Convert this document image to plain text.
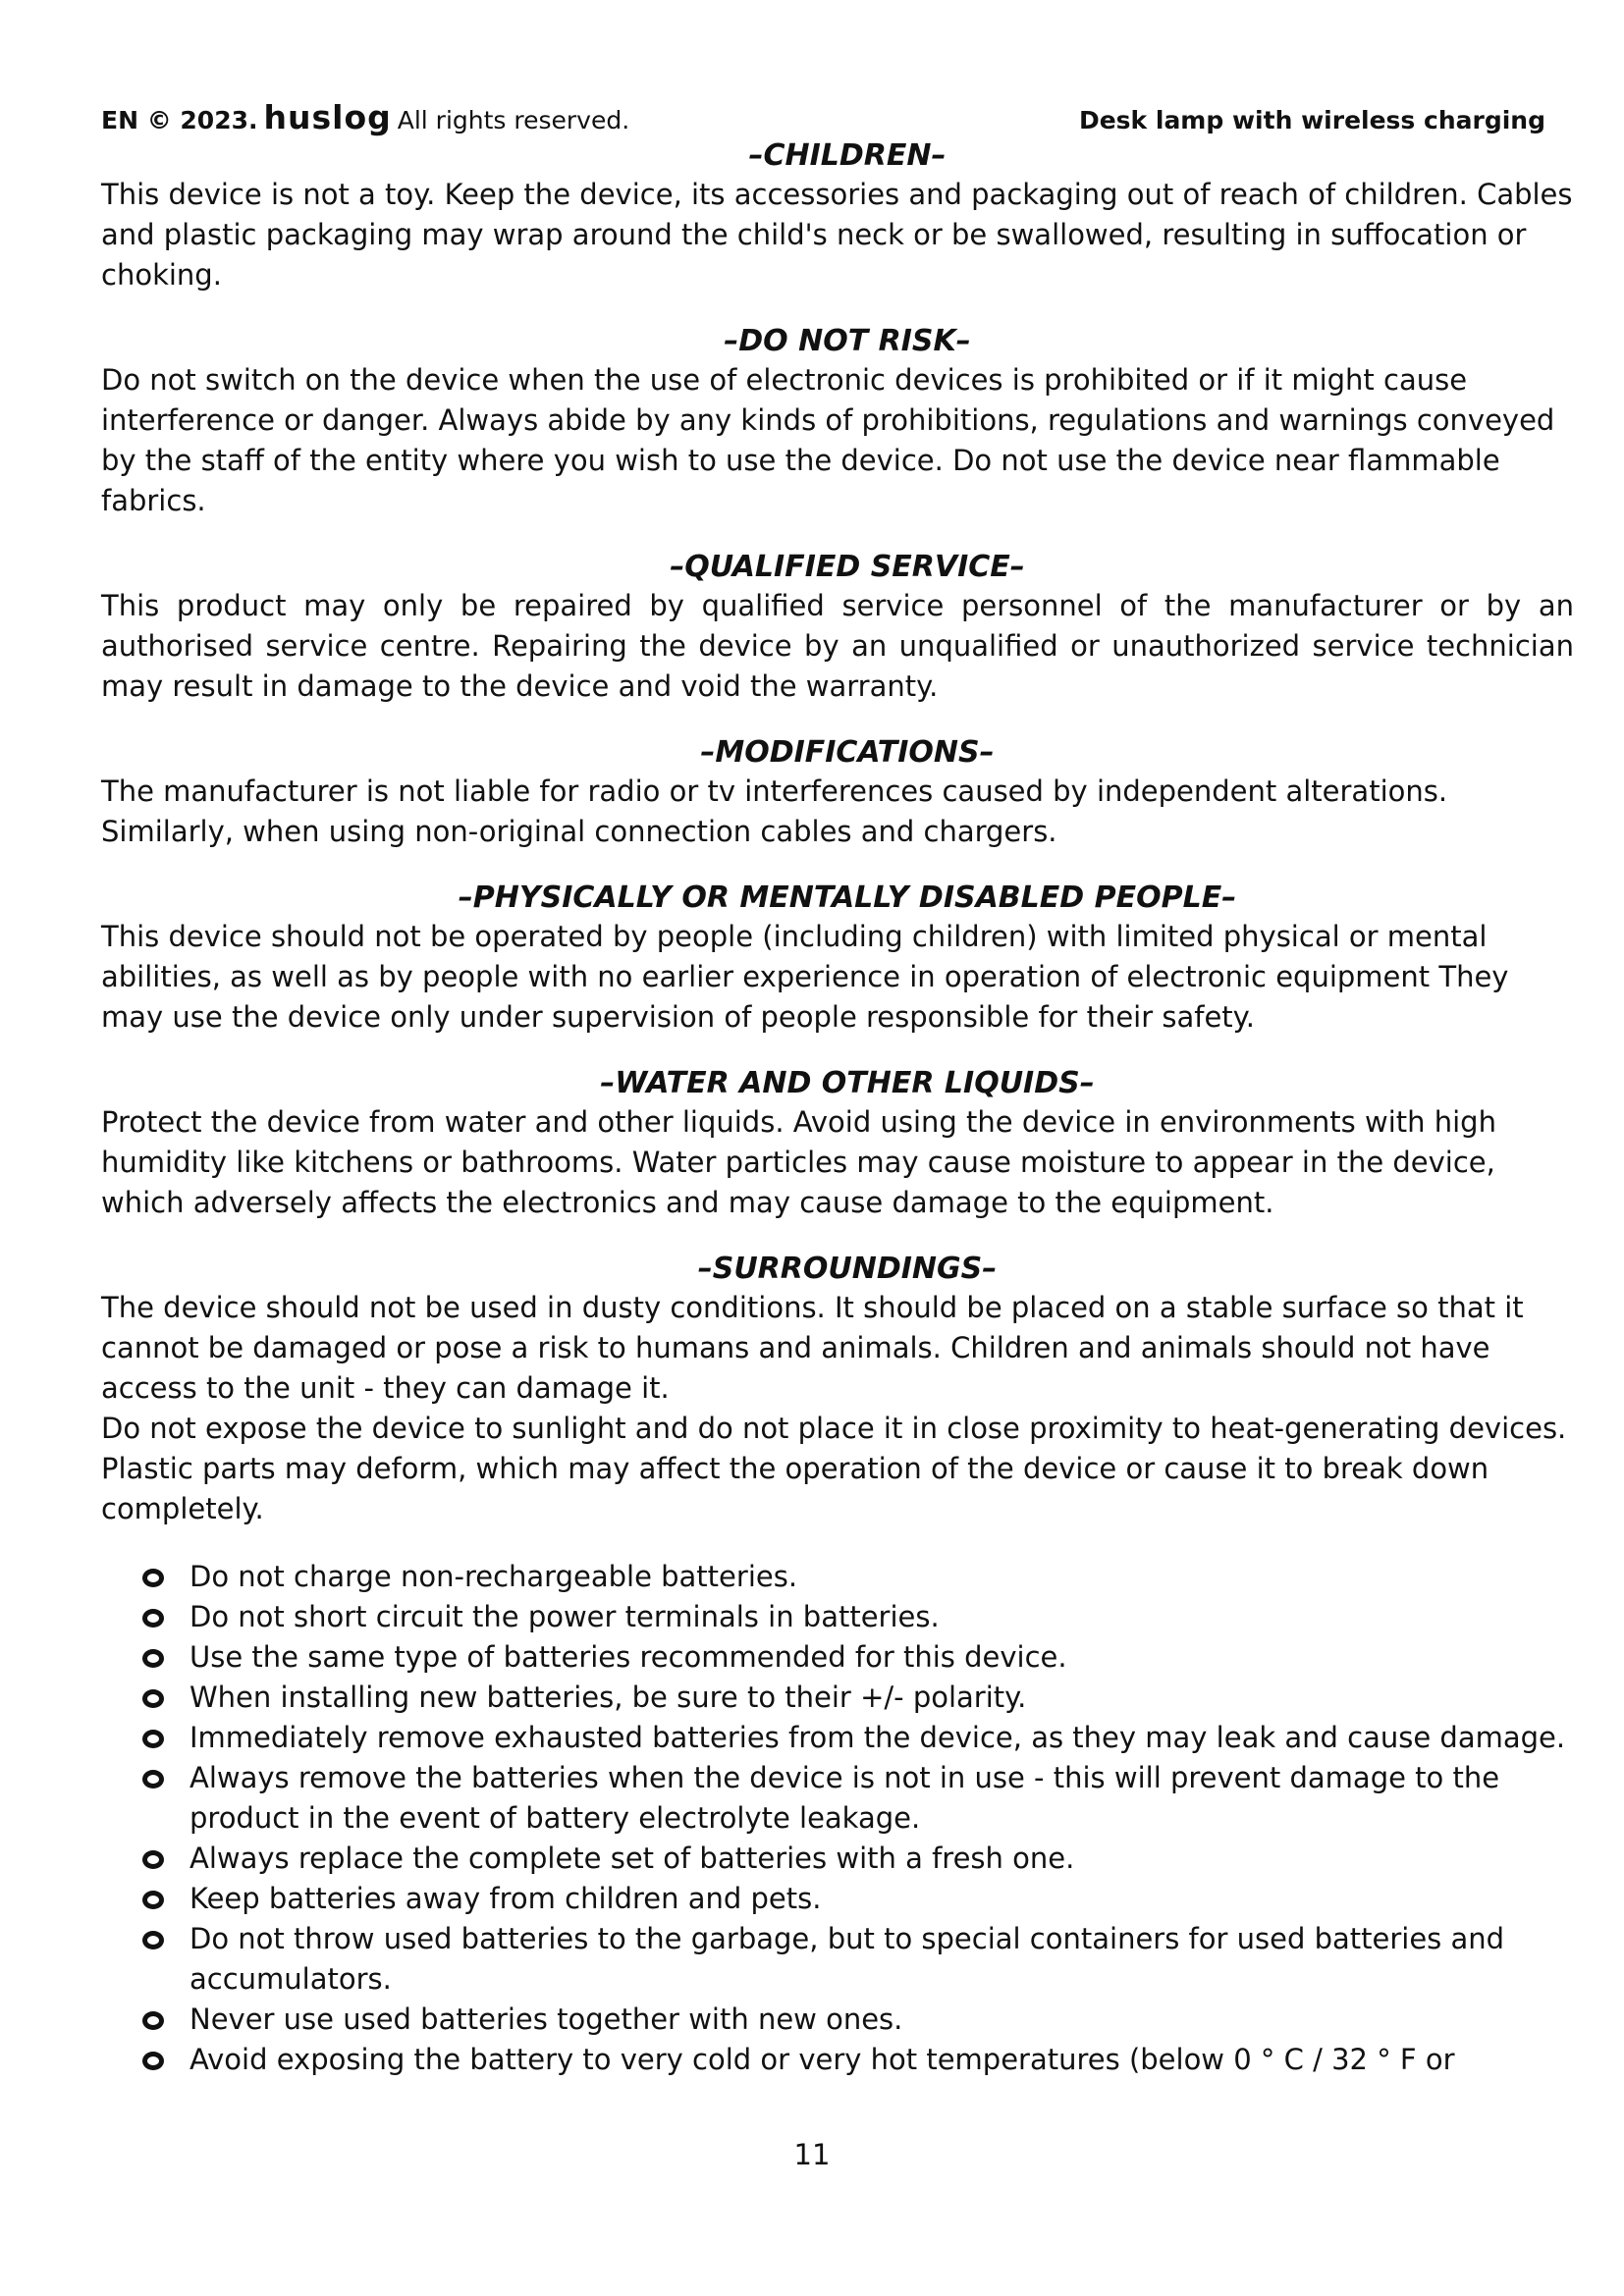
EN © 2023. huslog All rights reserved.	Desk lamp with wireless charging
–CHILDREN–

This device is not a toy. Keep the device, its accessories and packaging out of reach of children. Cables and plastic packaging may wrap around the child's neck or be swallowed, resulting in suffocation or choking.

–DO NOT RISK–

Do not switch on the device when the use of electronic devices is prohibited or if it might cause interference or danger. Always abide by any kinds of prohibitions, regulations and warnings conveyed by the staff of the entity where you wish to use the device. Do not use the device near flammable fabrics.

–QUALIFIED SERVICE–

This product may only be repaired by qualified service personnel of the manufacturer or by an authorised service centre. Repairing the device by an unqualified or unauthorized service technician may result in damage to the device and void the warranty.

–MODIFICATIONS–

The manufacturer is not liable for radio or tv interferences caused by independent alterations. Similarly, when using non-original connection cables and chargers.

–PHYSICALLY OR MENTALLY DISABLED PEOPLE–

This device should not be operated by people (including children) with limited physical or mental abilities, as well as by people with no earlier experience in operation of electronic equipment They may use the device only under supervision of people responsible for their safety.

–WATER AND OTHER LIQUIDS–

Protect the device from water and other liquids. Avoid using the device in environments with high humidity like kitchens or bathrooms. Water particles may cause moisture to appear in the device, which adversely affects the electronics and may cause damage to the equipment.

–SURROUNDINGS–

The device should not be used in dusty conditions. It should be placed on a stable surface so that it cannot be damaged or pose a risk to humans and animals. Children and animals should not have access to the unit - they can damage it.

Do not expose the device to sunlight and do not place it in close proximity to heat-generating devices. Plastic parts may deform, which may affect the operation of the device or cause it to break down completely.

Do not charge non-rechargeable batteries.
Do not short circuit the power terminals in batteries.
Use the same type of batteries recommended for this device.
When installing new batteries, be sure to their +/- polarity.
Immediately remove exhausted batteries from the device, as they may leak and cause damage.
Always remove the batteries when the device is not in use - this will prevent damage to the product in the event of battery electrolyte leakage.
Always replace the complete set of batteries with a fresh one.
Keep batteries away from children and pets.
Do not throw used batteries to the garbage, but to special containers for used batteries and accumulators.
Never use used batteries together with new ones.
Avoid exposing the battery to very cold or very hot temperatures (below 0 ° C / 32 ° F or
11
